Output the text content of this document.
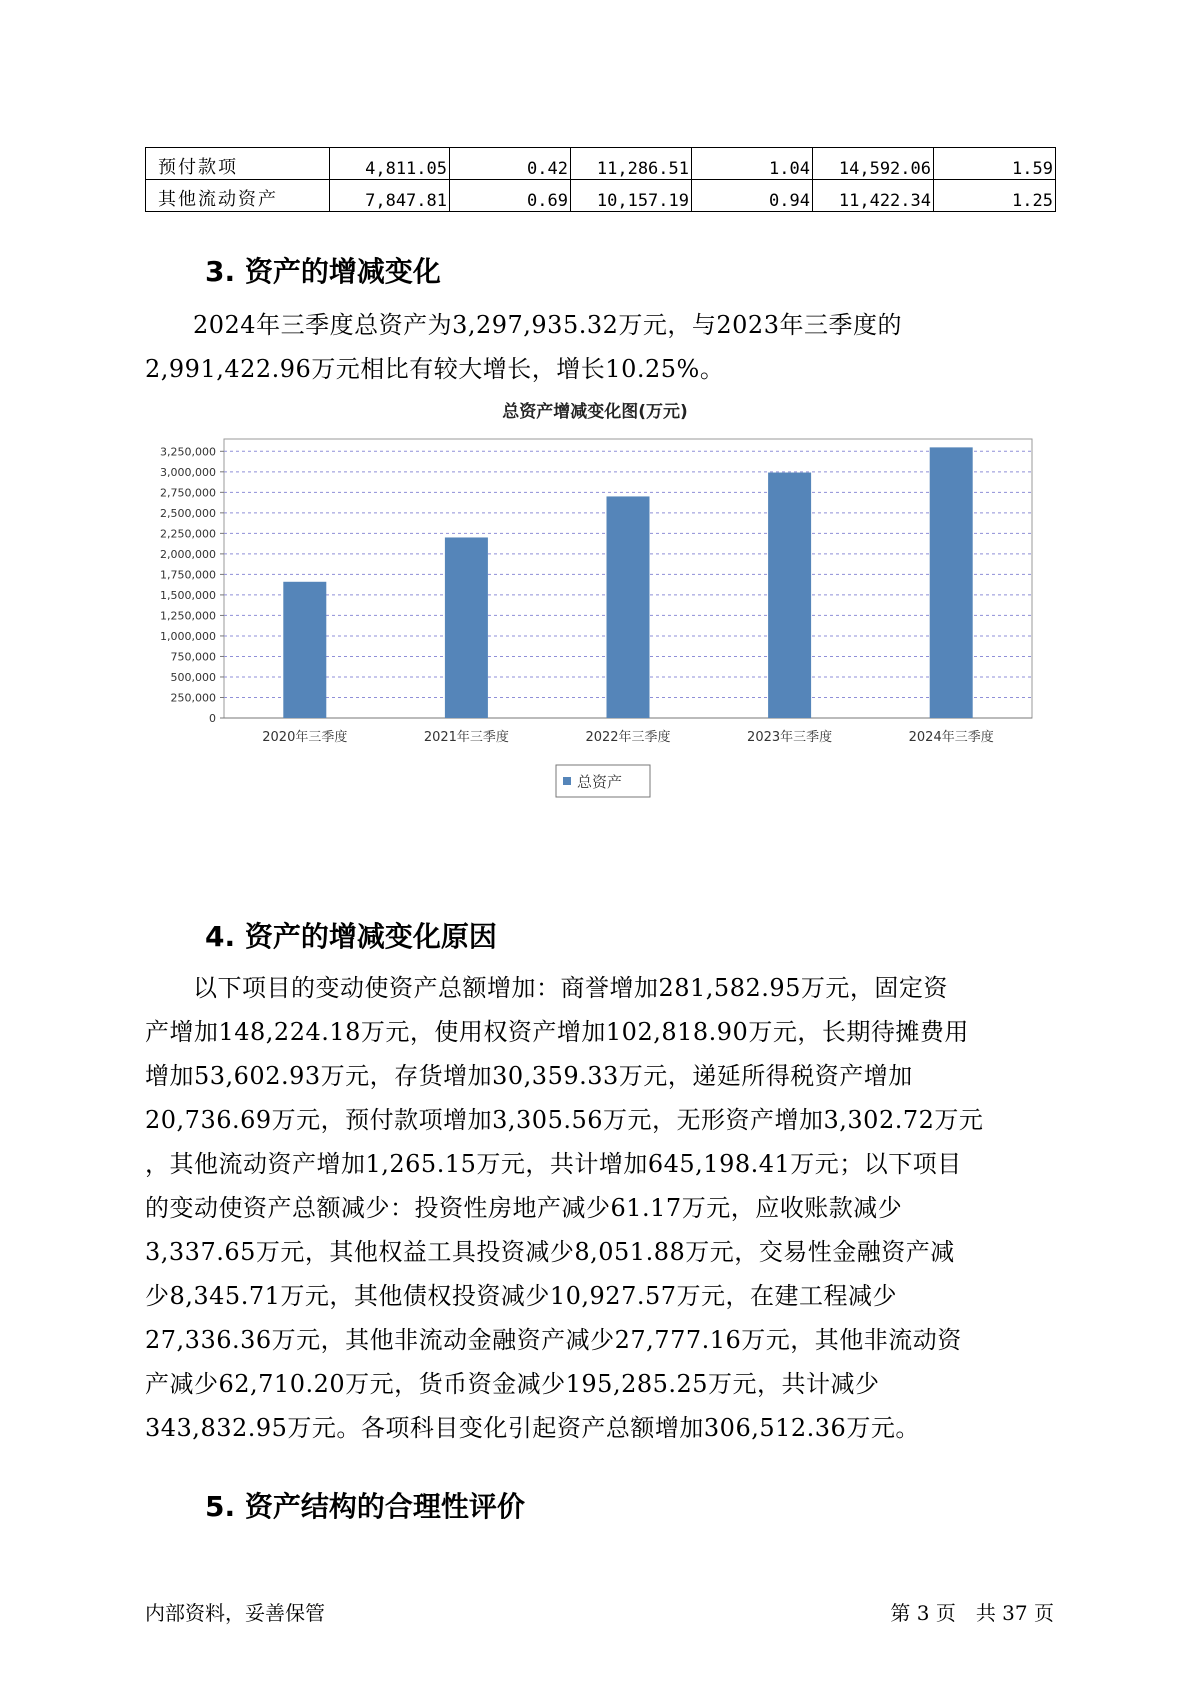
预付款项	4,811.05	0.42	11,286.51	1.04	14,592.06	1.59
其他流动资产	7,847.81	0.69	10,157.19	0.94	11,422.34	1.25
3. 资产的增减变化
2024年三季度总资产为3,297,935.32万元，与2023年三季度的
2,991,422.96万元相比有较大增长，增长10.25%。
总资产增减变化图(万元)
0
250,000
500,000
750,000
1,000,000
1,250,000
1,500,000
1,750,000
2,000,000
2,250,000
2,500,000
2,750,000
3,000,000
3,250,000
2020年三季度	2021年三季度	2022年三季度	2023年三季度	2024年三季度
总资产
4. 资产的增减变化原因
以下项目的变动使资产总额增加：商誉增加281,582.95万元，固定资
产增加148,224.18万元，使用权资产增加102,818.90万元，长期待摊费用
增加53,602.93万元，存货增加30,359.33万元，递延所得税资产增加
20,736.69万元，预付款项增加3,305.56万元，无形资产增加3,302.72万元
，其他流动资产增加1,265.15万元，共计增加645,198.41万元；以下项目
的变动使资产总额减少：投资性房地产减少61.17万元，应收账款减少
3,337.65万元，其他权益工具投资减少8,051.88万元，交易性金融资产减
少8,345.71万元，其他债权投资减少10,927.57万元，在建工程减少
27,336.36万元，其他非流动金融资产减少27,777.16万元，其他非流动资
产减少62,710.20万元，货币资金减少195,285.25万元，共计减少
343,832.95万元。各项科目变化引起资产总额增加306,512.36万元。
5. 资产结构的合理性评价
内部资料，妥善保管	第 3 页　共 37 页
